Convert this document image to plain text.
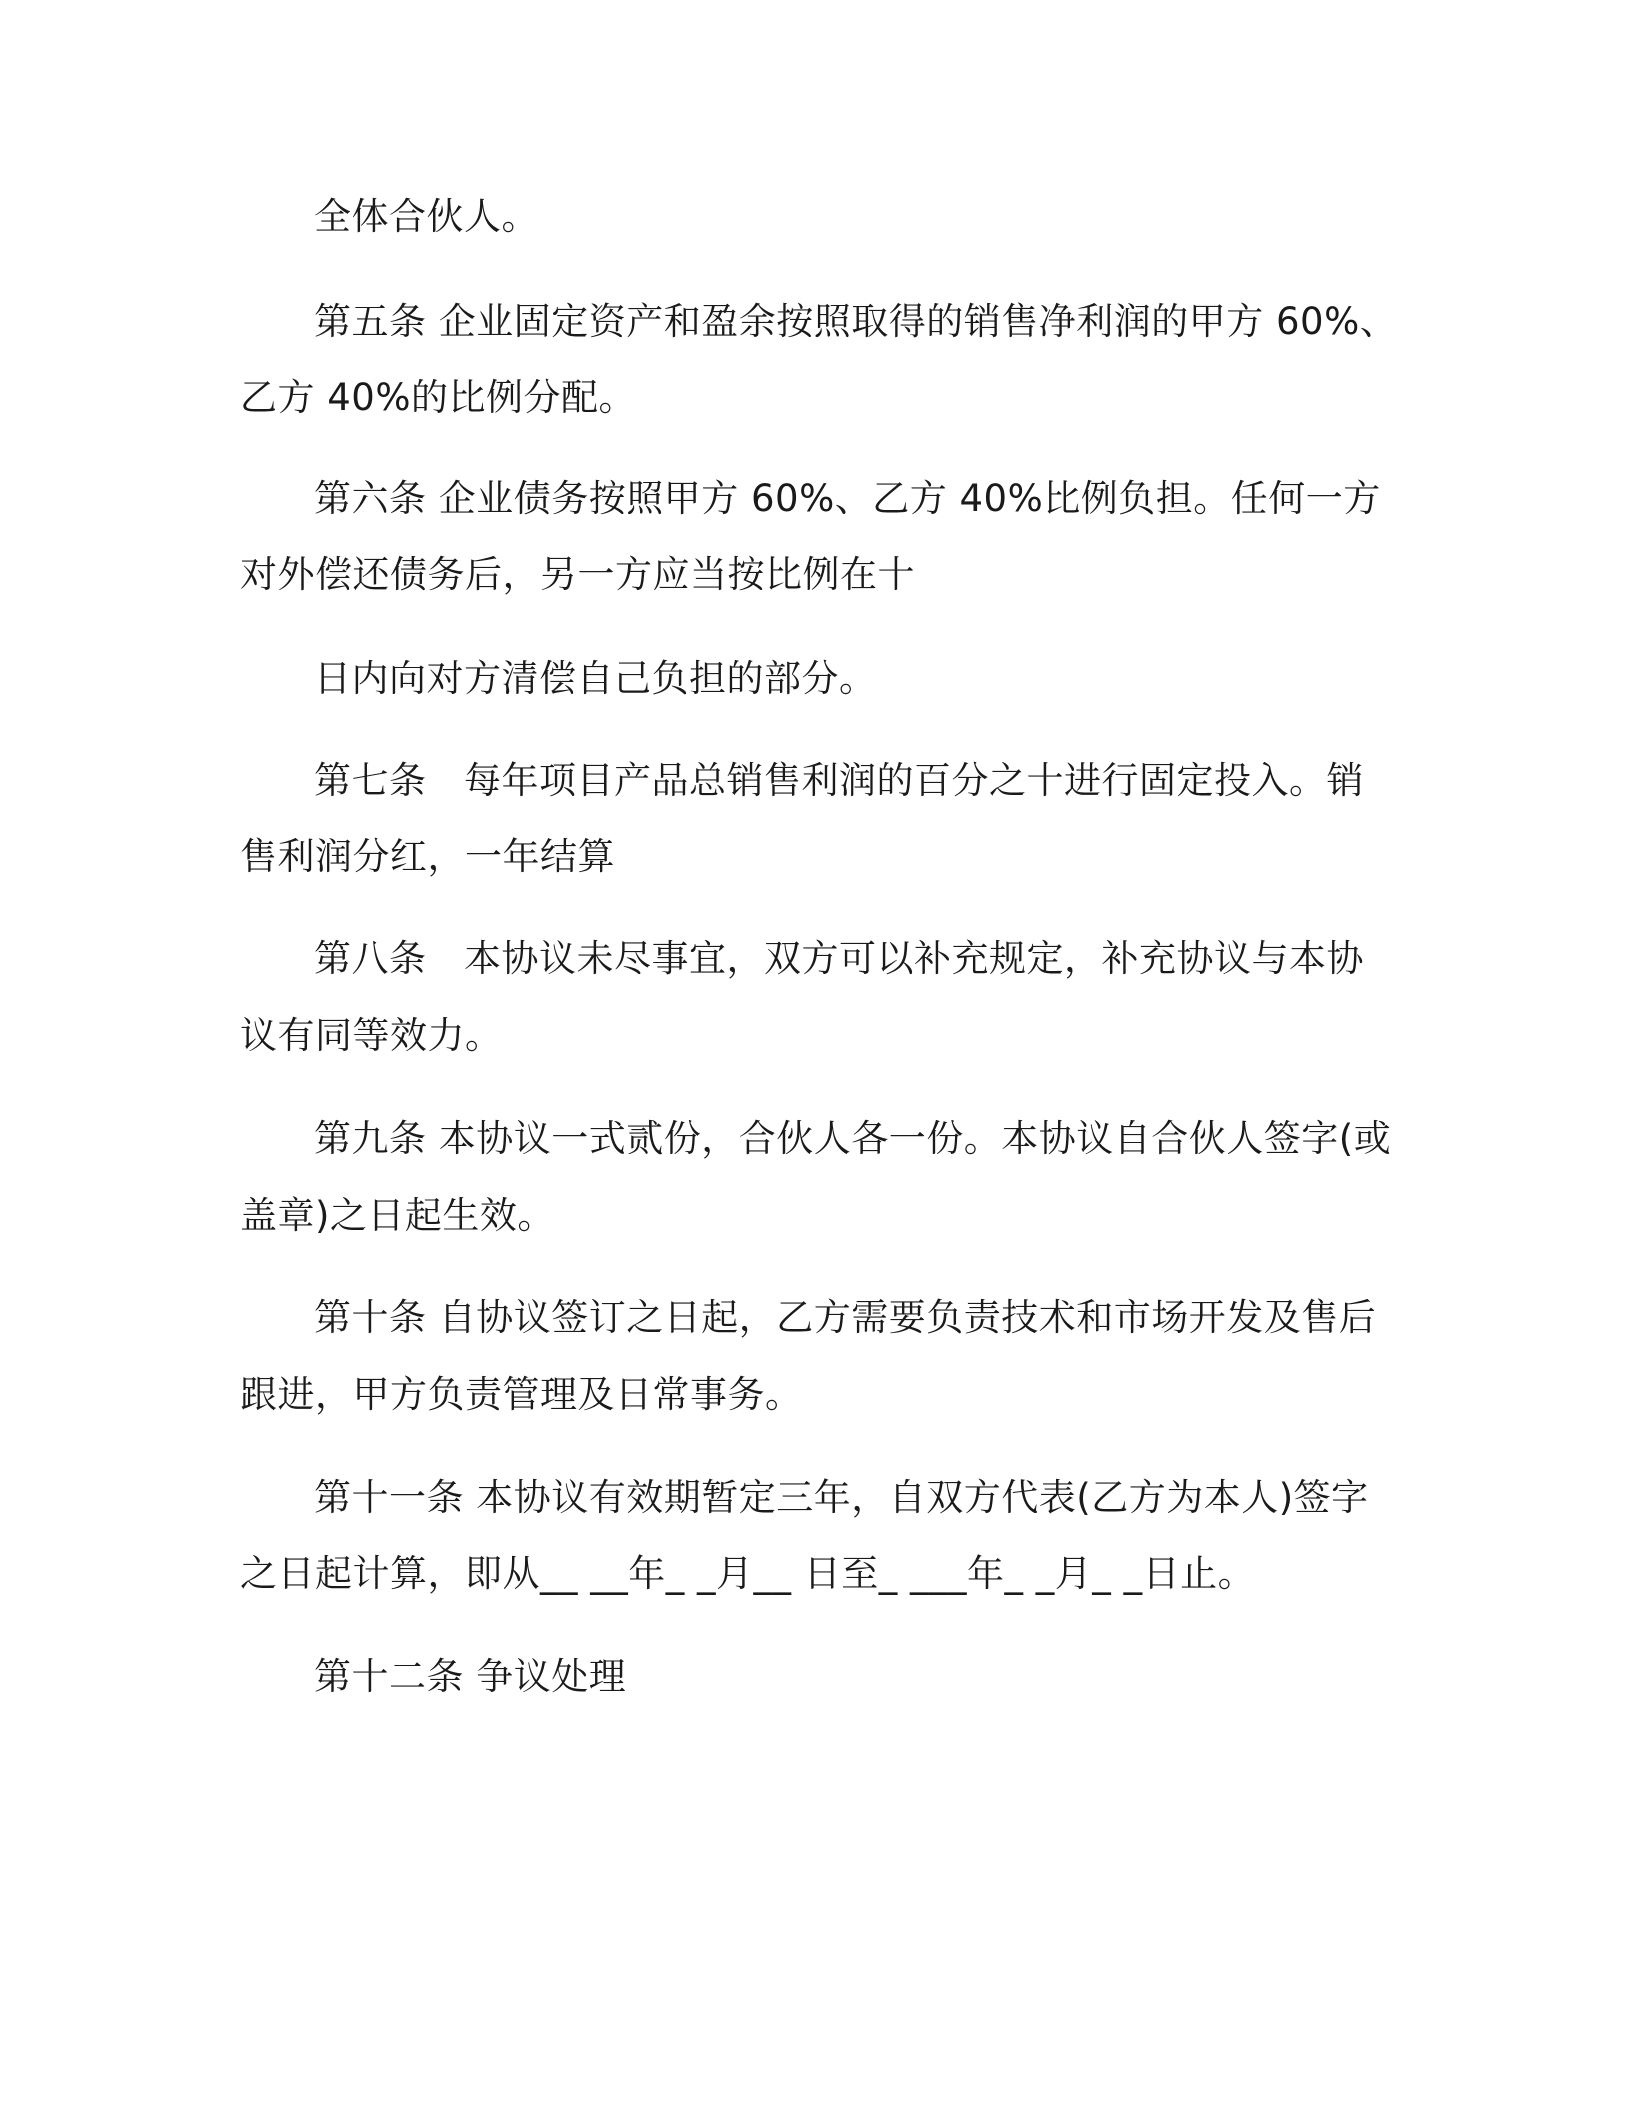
全体合伙人。
第五条 企业固定资产和盈余按照取得的销售净利润的甲方 60%、
乙方 40%的比例分配。
第六条 企业债务按照甲方 60%、乙方 40%比例负担。任何一方
对外偿还债务后，另一方应当按比例在十
日内向对方清偿自己负担的部分。
第七条　每年项目产品总销售利润的百分之十进行固定投入。销
售利润分红，一年结算
第八条　本协议未尽事宜，双方可以补充规定，补充协议与本协
议有同等效力。
第九条 本协议一式贰份，合伙人各一份。本协议自合伙人签字(或
盖章)之日起生效。
第十条 自协议签订之日起，乙方需要负责技术和市场开发及售后
跟进，甲方负责管理及日常事务。
第十一条 本协议有效期暂定三年，自双方代表(乙方为本人)签字
之日起计算，即从__ __年_ _月__ 日至_ ___年_ _月_ _日止。
第十二条 争议处理
